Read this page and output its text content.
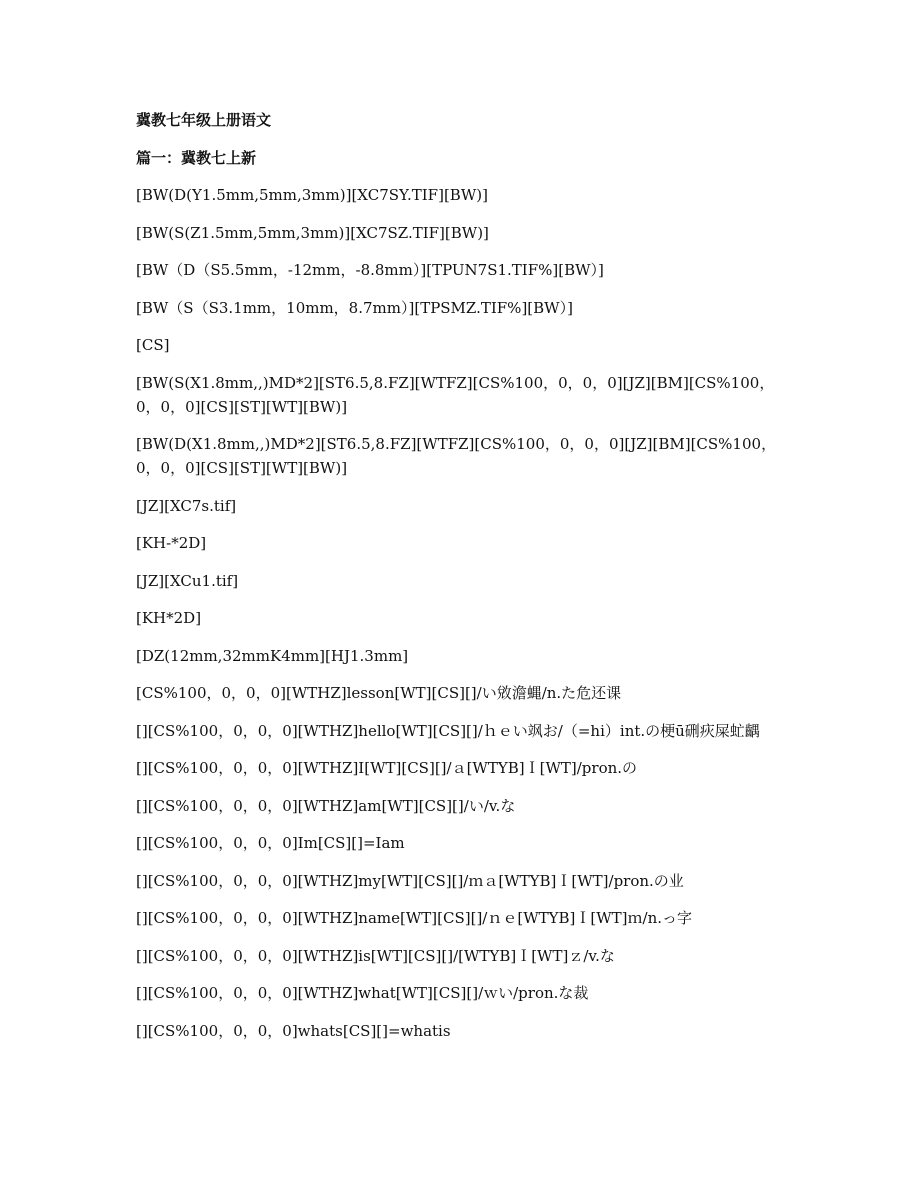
冀教七年级上册语文
篇一：冀教七上新
[BW(D(Y1.5mm,5mm,3mm)][XC7SY.TIF][BW)]
[BW(S(Z1.5mm,5mm,3mm)][XC7SZ.TIF][BW)]
[BW（D（S5.5mm，-12mm，-8.8mm）][TPUN7S1.TIF%][BW）]
[BW（S（S3.1mm，10mm，8.7mm）][TPSMZ.TIF%][BW）]
[CS]
[BW(S(X1.8mm,,)MD*2][ST6.5,8.FZ][WTFZ][CS%100，0，0，0][JZ][BM][CS%100，0，0，0][CS][ST][WT][BW)]
[BW(D(X1.8mm,,)MD*2][ST6.5,8.FZ][WTFZ][CS%100，0，0，0][JZ][BM][CS%100，0，0，0][CS][ST][WT][BW)]
[JZ][XC7s.tif]
[KH-*2D]
[JZ][XCu1.tif]
[KH*2D]
[DZ(12mm,32mmK4mm][HJ1.3mm]
[CS%100，0，0，0][WTHZ]lesson[WT][CS][]/い敓澹蝿/n.た危还课
[][CS%100，0，0，0][WTHZ]hello[WT][CS][]/ｈｅい飒お/（=hi）int.の梗ū硎疢屎虻齵
[][CS%100，0，0，0][WTHZ]I[WT][CS][]/ａ[WTYB]Ｉ[WT]/pron.の
[][CS%100，0，0，0][WTHZ]am[WT][CS][]/い/v.な
[][CS%100，0，0，0]Im[CS][]=Iam
[][CS%100，0，0，0][WTHZ]my[WT][CS][]/ｍａ[WTYB]Ｉ[WT]/pron.の业
[][CS%100，0，0，0][WTHZ]name[WT][CS][]/ｎｅ[WTYB]Ｉ[WT]ｍ/n.っ字
[][CS%100，0，0，0][WTHZ]is[WT][CS][]/[WTYB]Ｉ[WT]ｚ/v.な
[][CS%100，0，0，0][WTHZ]what[WT][CS][]/ｗい/pron.な裁
[][CS%100，0，0，0]whats[CS][]=whatis
